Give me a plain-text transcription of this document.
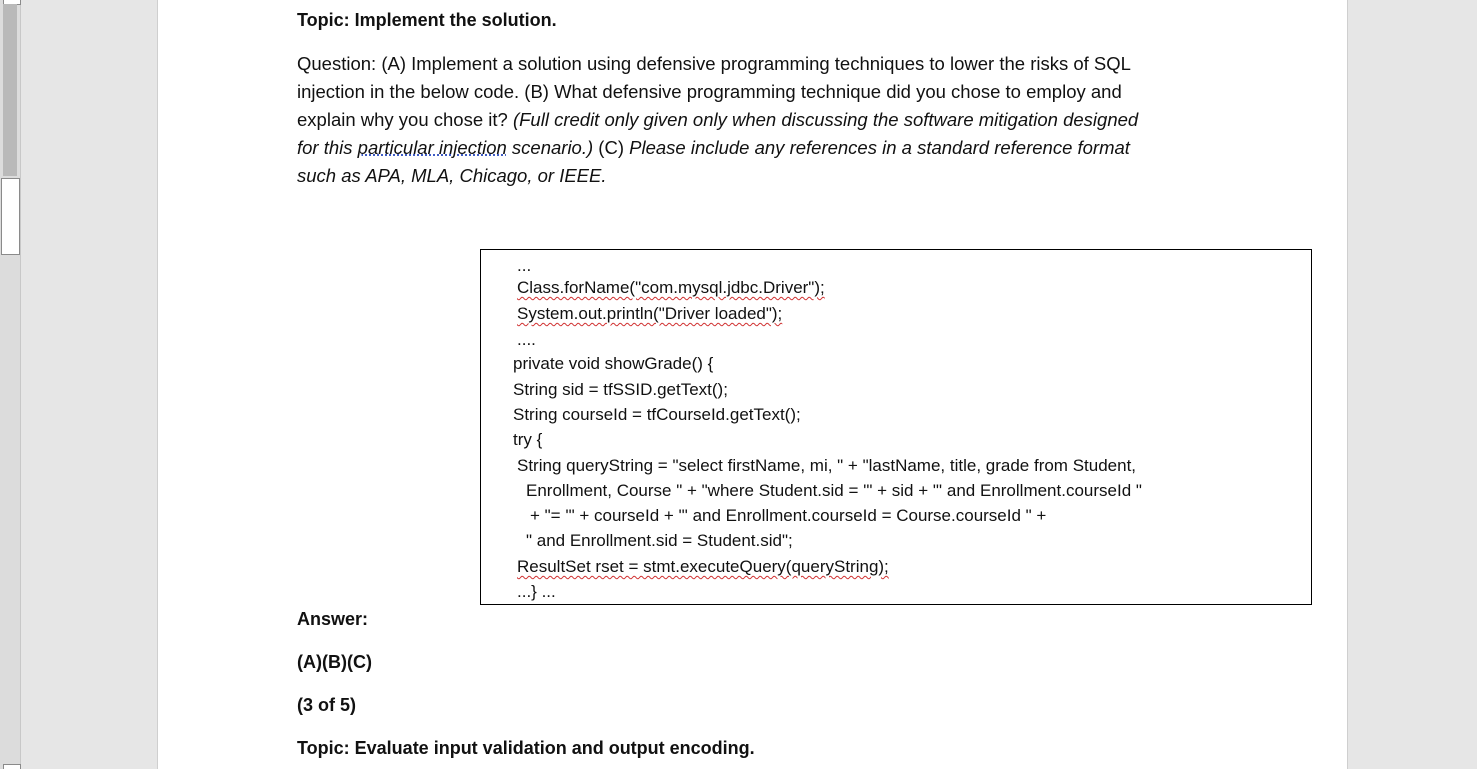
Topic: Implement the solution.
Question: (A) Implement a solution using defensive programming techniques to lower the risks of SQL
injection in the below code. (B) What defensive programming technique did you chose to employ and
explain why you chose it? (Full credit only given only when discussing the software mitigation designed
for this particular injection scenario.) (C) Please include any references in a standard reference format
such as APA, MLA, Chicago, or IEEE.
...
Class.forName("com.mysql.jdbc.Driver");
System.out.println("Driver loaded");
....
private void showGrade() {
String sid = tfSSID.getText();
String courseId = tfCourseId.getText();
try {
String queryString = "select firstName, mi, " + "lastName, title, grade from Student,
Enrollment, Course " + "where Student.sid = '" + sid + "' and Enrollment.courseId "
+ "= '" + courseId + "' and Enrollment.courseId = Course.courseId " +
" and Enrollment.sid = Student.sid";
ResultSet rset = stmt.executeQuery(queryString);
...} ...
Answer:
(A)(B)(C)
(3 of 5)
Topic: Evaluate input validation and output encoding.
